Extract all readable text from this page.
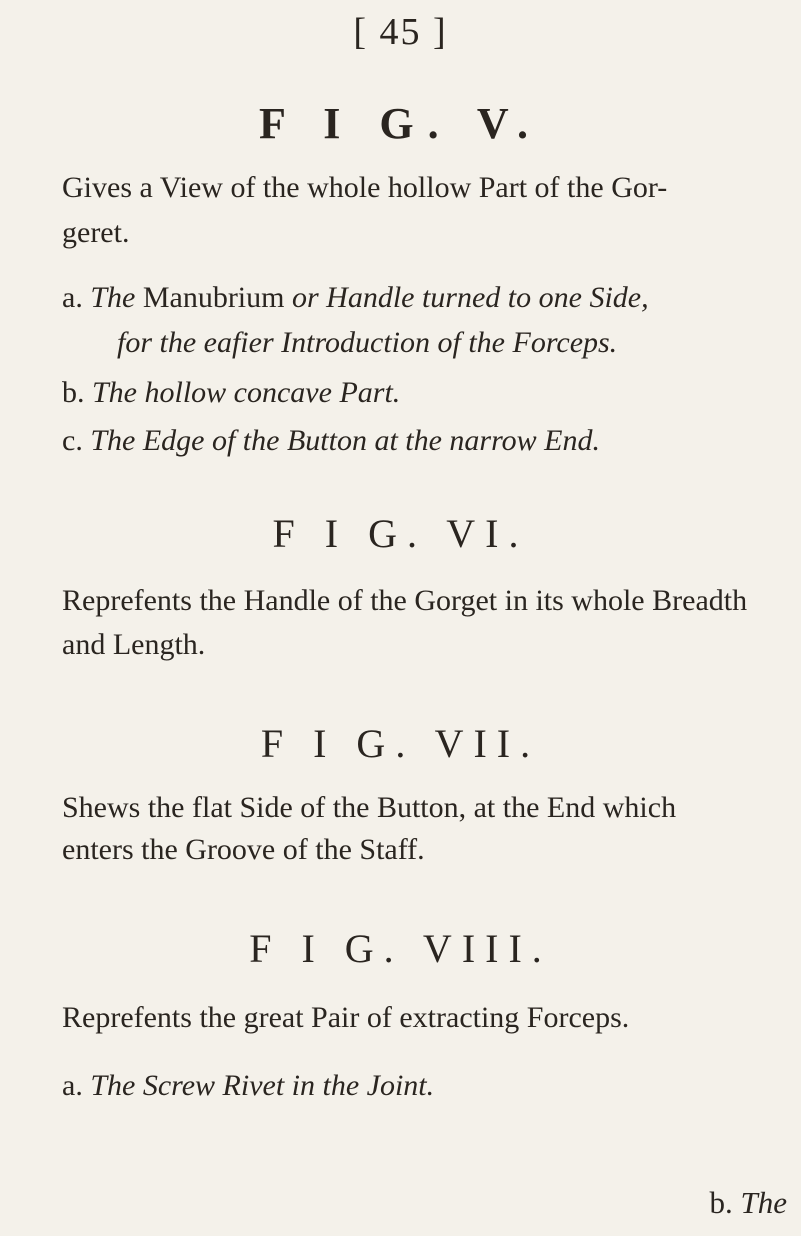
[ 45 ]
F I G. V.

Gives a View of the whole hollow Part of the Gor-

geret.

a. The Manubrium or Handle turned to one Side,
for the eafier Introduction of the Forceps.
b. The hollow concave Part.
c. The Edge of the Button at the narrow End.
F I G. VI.

Reprefents the Handle of the Gorget in its whole Breadth

and Length.

F I G. VII.

Shews the flat Side of the Button, at the End which

enters the Groove of the Staff.

F I G. VIII.

Reprefents the great Pair of extracting Forceps.

a. The Screw Rivet in the Joint.
b. The
